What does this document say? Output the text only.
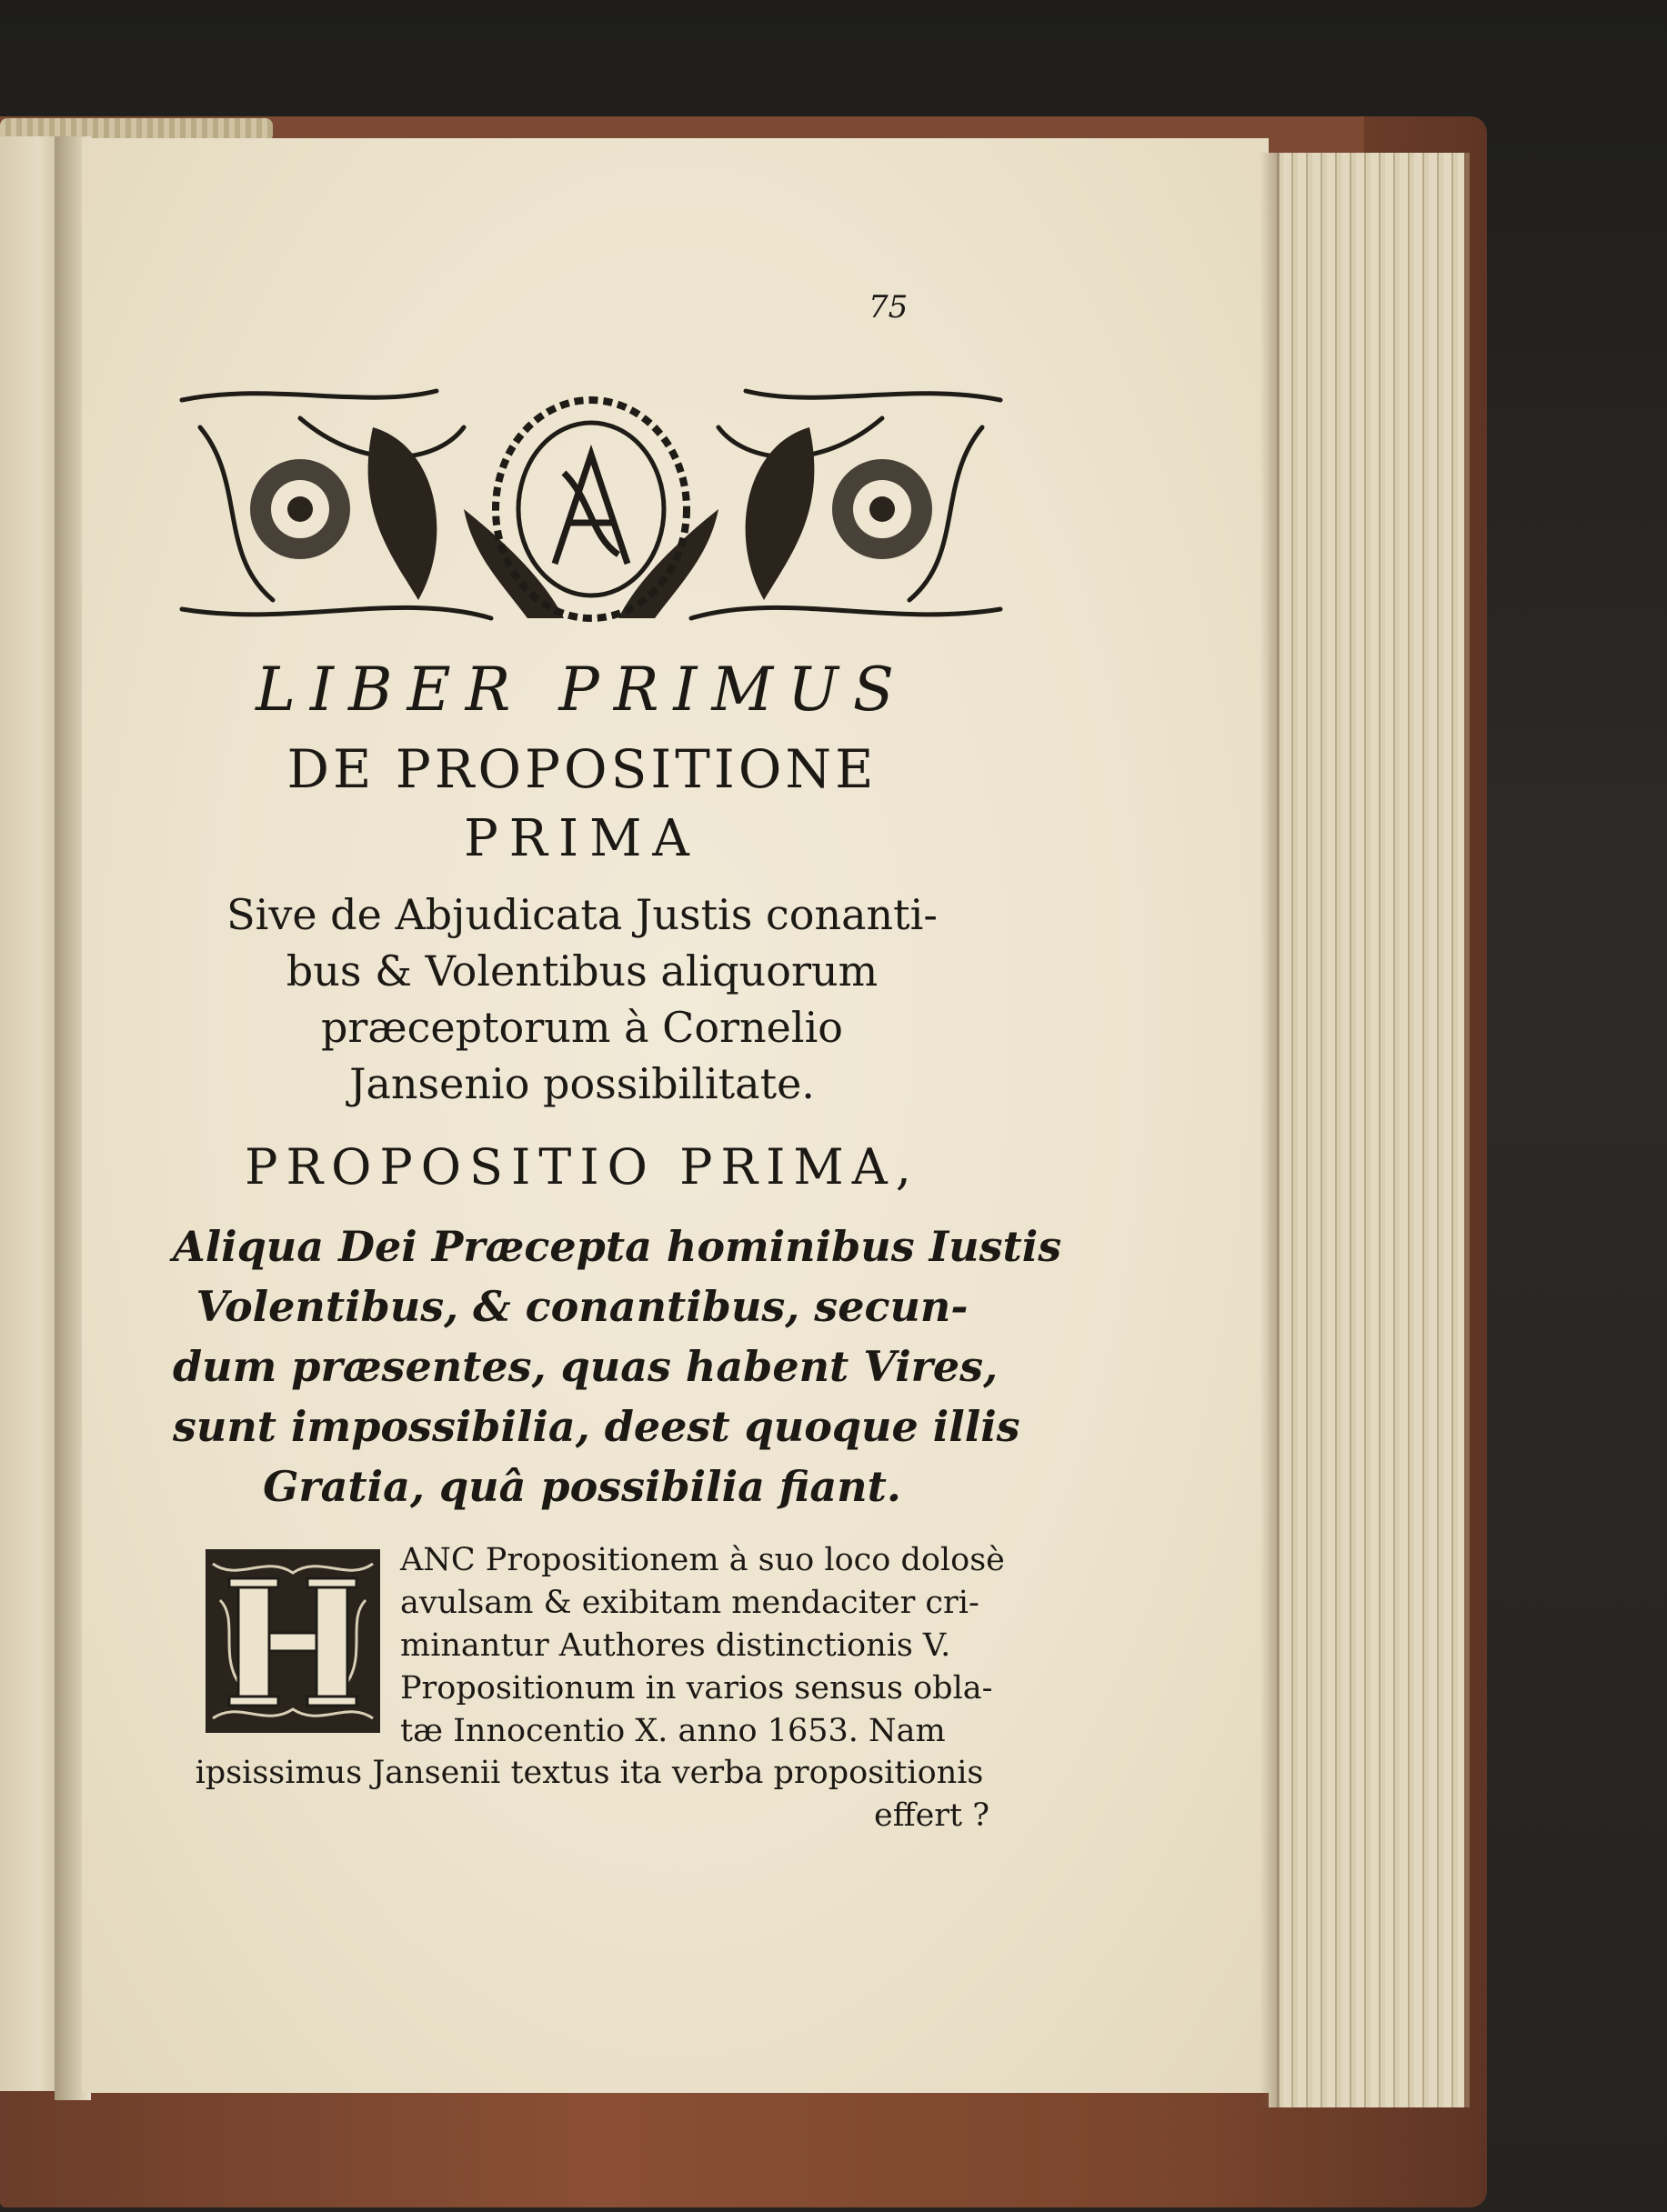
75
LIBER PRIMUS
DE PROPOSITIONE
PRIMA
Sive de Abjudicata Justis conanti-
bus & Volentibus aliquorum
præceptorum à Cornelio
Jansenio possibilitate.
PROPOSITIO PRIMA,
Aliqua Dei Præcepta hominibus Iustis
Volentibus, & conantibus, secun-
dum præsentes, quas habent Vires,
sunt impossibilia, deest quoque illis
Gratia, quâ possibilia fiant.
ANC Propositionem à suo loco dolosè
avulsam & exibitam mendaciter cri-
minantur Authores distinctionis V.
Propositionum in varios sensus obla-
tæ Innocentio X. anno 1653. Nam
ipsissimus Jansenii textus ita verba propositionis
effert ?
